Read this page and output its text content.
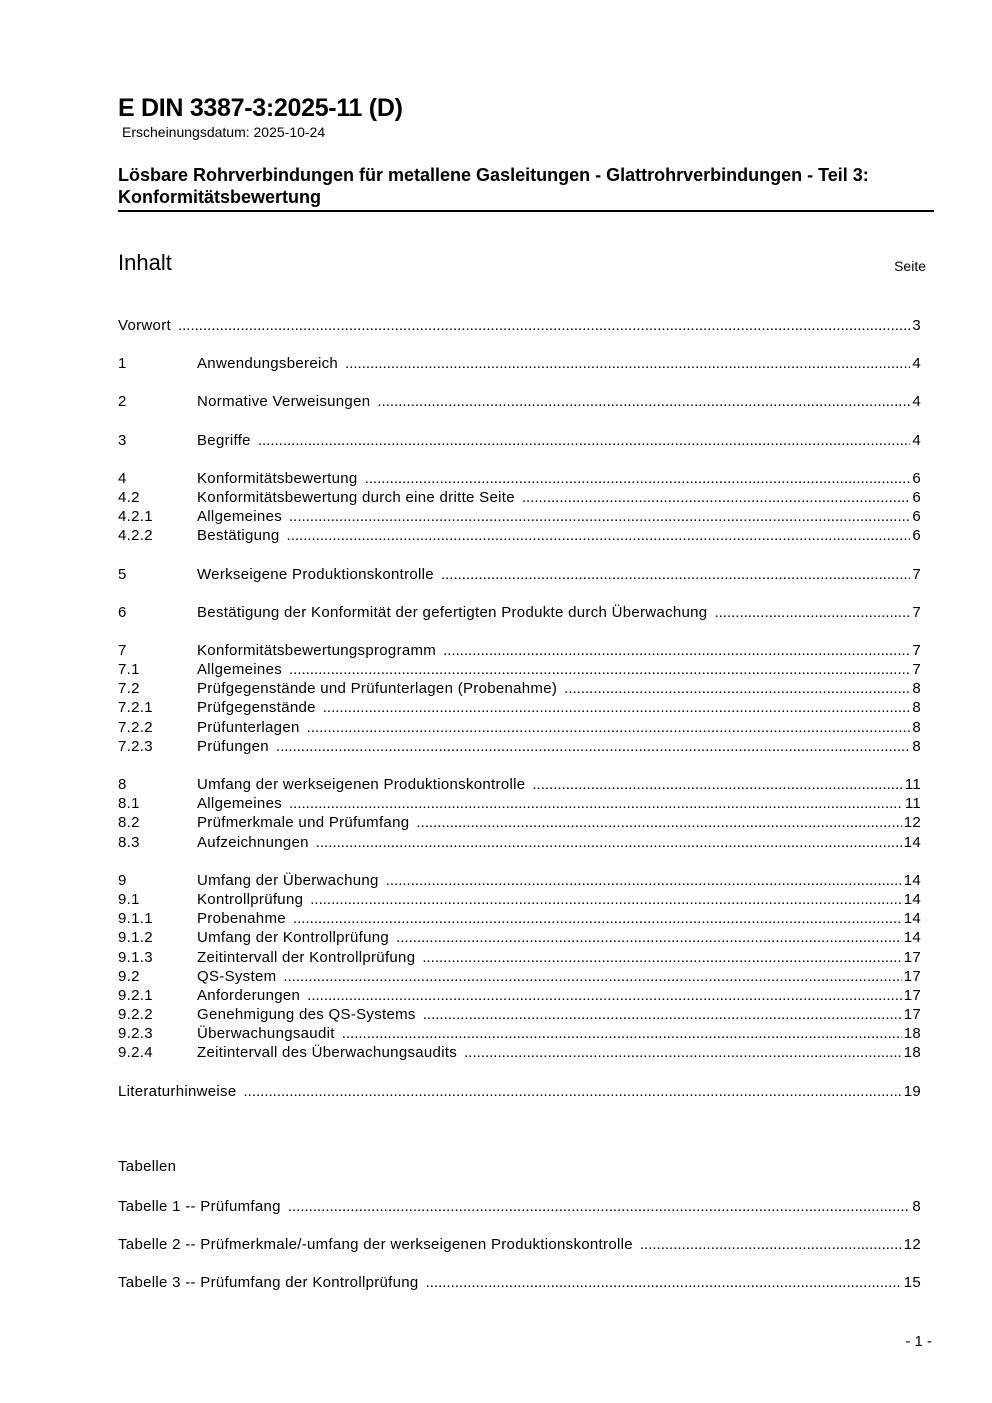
E DIN 3387-3:2025-11 (D)
Erscheinungsdatum: 2025-10-24
Lösbare Rohrverbindungen für metallene Gasleitungen - Glattrohrverbindungen - Teil 3: Konformitätsbewertung
Inhalt	Seite
Vorwort .....	3
1	Anwendungsbereich .....	4
2	Normative Verweisungen .....	4
3	Begriffe .....	4
4	Konformitätsbewertung .....	6
4.2	Konformitätsbewertung durch eine dritte Seite .....	6
4.2.1	Allgemeines .....	6
4.2.2	Bestätigung .....	6
5	Werkseigene Produktionskontrolle .....	7
6	Bestätigung der Konformität der gefertigten Produkte durch Überwachung .....	7
7	Konformitätsbewertungsprogramm .....	7
7.1	Allgemeines .....	7
7.2	Prüfgegenstände und Prüfunterlagen (Probenahme) .....	8
7.2.1	Prüfgegenstände .....	8
7.2.2	Prüfunterlagen .....	8
7.2.3	Prüfungen .....	8
8	Umfang der werkseigenen Produktionskontrolle .....	11
8.1	Allgemeines .....	11
8.2	Prüfmerkmale und Prüfumfang .....	12
8.3	Aufzeichnungen .....	14
9	Umfang der Überwachung .....	14
9.1	Kontrollprüfung .....	14
9.1.1	Probenahme .....	14
9.1.2	Umfang der Kontrollprüfung .....	14
9.1.3	Zeitintervall der Kontrollprüfung .....	17
9.2	QS-System .....	17
9.2.1	Anforderungen .....	17
9.2.2	Genehmigung des QS-Systems .....	17
9.2.3	Überwachungsaudit .....	18
9.2.4	Zeitintervall des Überwachungsaudits .....	18
Literaturhinweise .....	19
Tabellen
Tabelle 1 -- Prüfumfang .....	8
Tabelle 2 -- Prüfmerkmale/-umfang der werkseigenen Produktionskontrolle .....	12
Tabelle 3 -- Prüfumfang der Kontrollprüfung .....	15
- 1 -
